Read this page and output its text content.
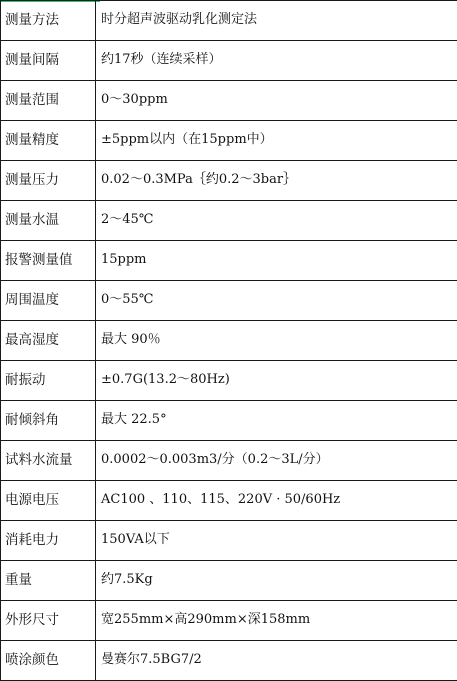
测量方法	时分超声波驱动乳化测定法
测量间隔	约17秒（连续采样）
测量范围	0～30ppm
测量精度	±5ppm以内（在15ppm中）
测量压力	0.02～0.3MPa｛约0.2～3bar｝
测量水温	2～45℃
报警测量值	15ppm
周围温度	0～55℃
最高湿度	最大 90％
耐振动	±0.7G(13.2～80Hz)
耐倾斜角	最大 22.5°
试料水流量	0.0002～0.003m3/分（0.2～3L/分）
电源电压	AC100 、110、115、220V · 50/60Hz
消耗电力	150VA以下
重量	约7.5Kg
外形尺寸	宽255mm×高290mm×深158mm
喷涂颜色	曼赛尔7.5BG7/2
